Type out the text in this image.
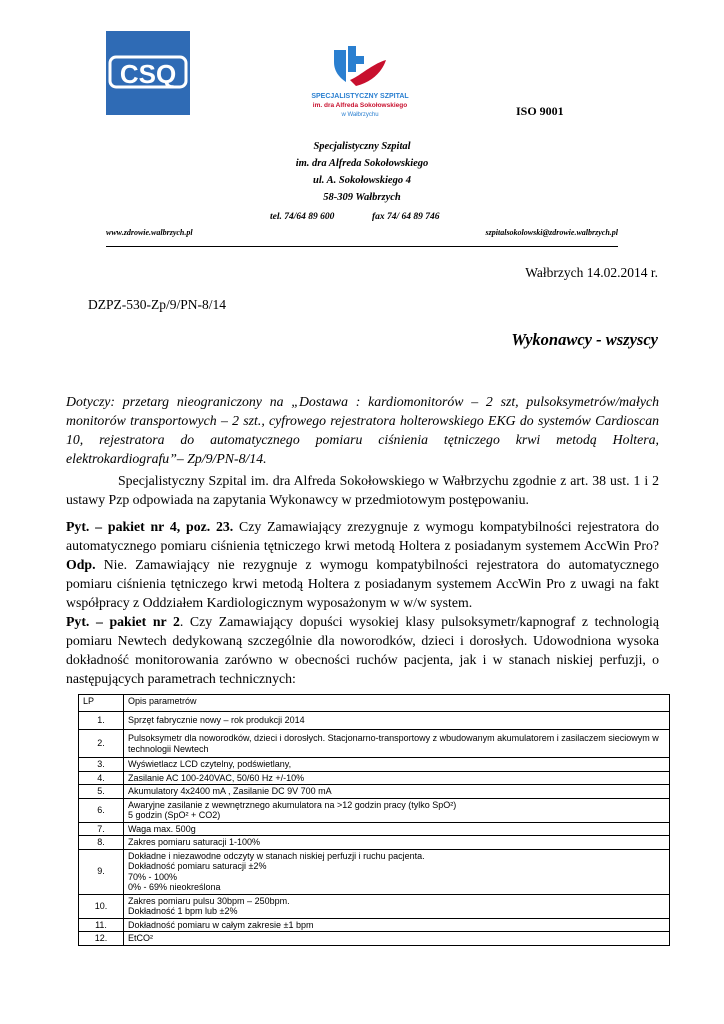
CSQ
SPECJALISTYCZNY SZPITAL
im. dra Alfreda Sokołowskiego
w Wałbrzychu	ISO 9001
Specjalistyczny Szpital
im. dra Alfreda Sokołowskiego
ul. A. Sokołowskiego 4
58-309 Wałbrzych
tel. 74/64 89 600	fax 74/ 64 89 746
www.zdrowie.walbrzych.pl	szpitalsokolowski@zdrowie.walbrzych.pl
Wałbrzych 14.02.2014 r.
DZPZ-530-Zp/9/PN-8/14
Wykonawcy - wszyscy
Dotyczy: przetarg nieograniczony na „Dostawa : kardiomonitorów – 2 szt, pulsoksymetrów/małych monitorów transportowych – 2 szt., cyfrowego rejestratora holterowskiego EKG do systemów Cardioscan 10, rejestratora do automatycznego pomiaru ciśnienia tętniczego krwi metodą Holtera, elektrokardiografu”– Zp/9/PN-8/14.
Specjalistyczny Szpital im. dra Alfreda Sokołowskiego w Wałbrzychu zgodnie z art. 38 ust. 1 i 2 ustawy Pzp odpowiada na zapytania Wykonawcy w przedmiotowym postępowaniu.
Pyt. – pakiet nr 4, poz. 23. Czy Zamawiający zrezygnuje z wymogu kompatybilności rejestratora do automatycznego pomiaru ciśnienia tętniczego krwi metodą Holtera z posiadanym systemem AccWin Pro? Odp. Nie. Zamawiający nie rezygnuje z wymogu kompatybilności rejestratora do automatycznego pomiaru ciśnienia tętniczego krwi metodą Holtera z posiadanym systemem AccWin Pro z uwagi na fakt współpracy z Oddziałem Kardiologicznym wyposażonym w w/w system.
Pyt. – pakiet nr 2. Czy Zamawiający dopuści wysokiej klasy pulsoksymetr/kapnograf z technologią pomiaru Newtech dedykowaną szczególnie dla noworodków, dzieci i dorosłych. Udowodniona wysoka dokładność monitorowania zarówno w obecności ruchów pacjenta, jak i w stanach niskiej perfuzji, o następujących parametrach technicznych:
LP	Opis parametrów
1.	Sprzęt fabrycznie nowy – rok produkcji 2014

2.	Pulsoksymetr dla noworodków, dzieci i dorosłych. Stacjonarno-transportowy z wbudowanym akumulatorem i zasilaczem sieciowym w technologii Newtech

3.	Wyświetlacz LCD czytelny, podświetlany,

4.	Zasilanie AC 100-240VAC, 50/60 Hz +/-10%

5.	Akumulatory 4x2400 mA , Zasilanie DC 9V 700 mA

6.	Awaryjne zasilanie z wewnętrznego akumulatora na >12 godzin pracy (tylko SpO²)
5 godzin (SpO² + CO2)

7.	Waga max. 500g

8.	Zakres pomiaru saturacji 1-100%

9.	Dokładne i niezawodne odczyty w stanach niskiej perfuzji i ruchu pacjenta.
Dokładność pomiaru saturacji ±2%
70% - 100%
0% - 69% nieokreślona

10.	Zakres pomiaru pulsu 30bpm – 250bpm.
Dokładność 1 bpm lub ±2%

11.	Dokładność pomiaru w całym zakresie ±1 bpm

12.	EtCO²
